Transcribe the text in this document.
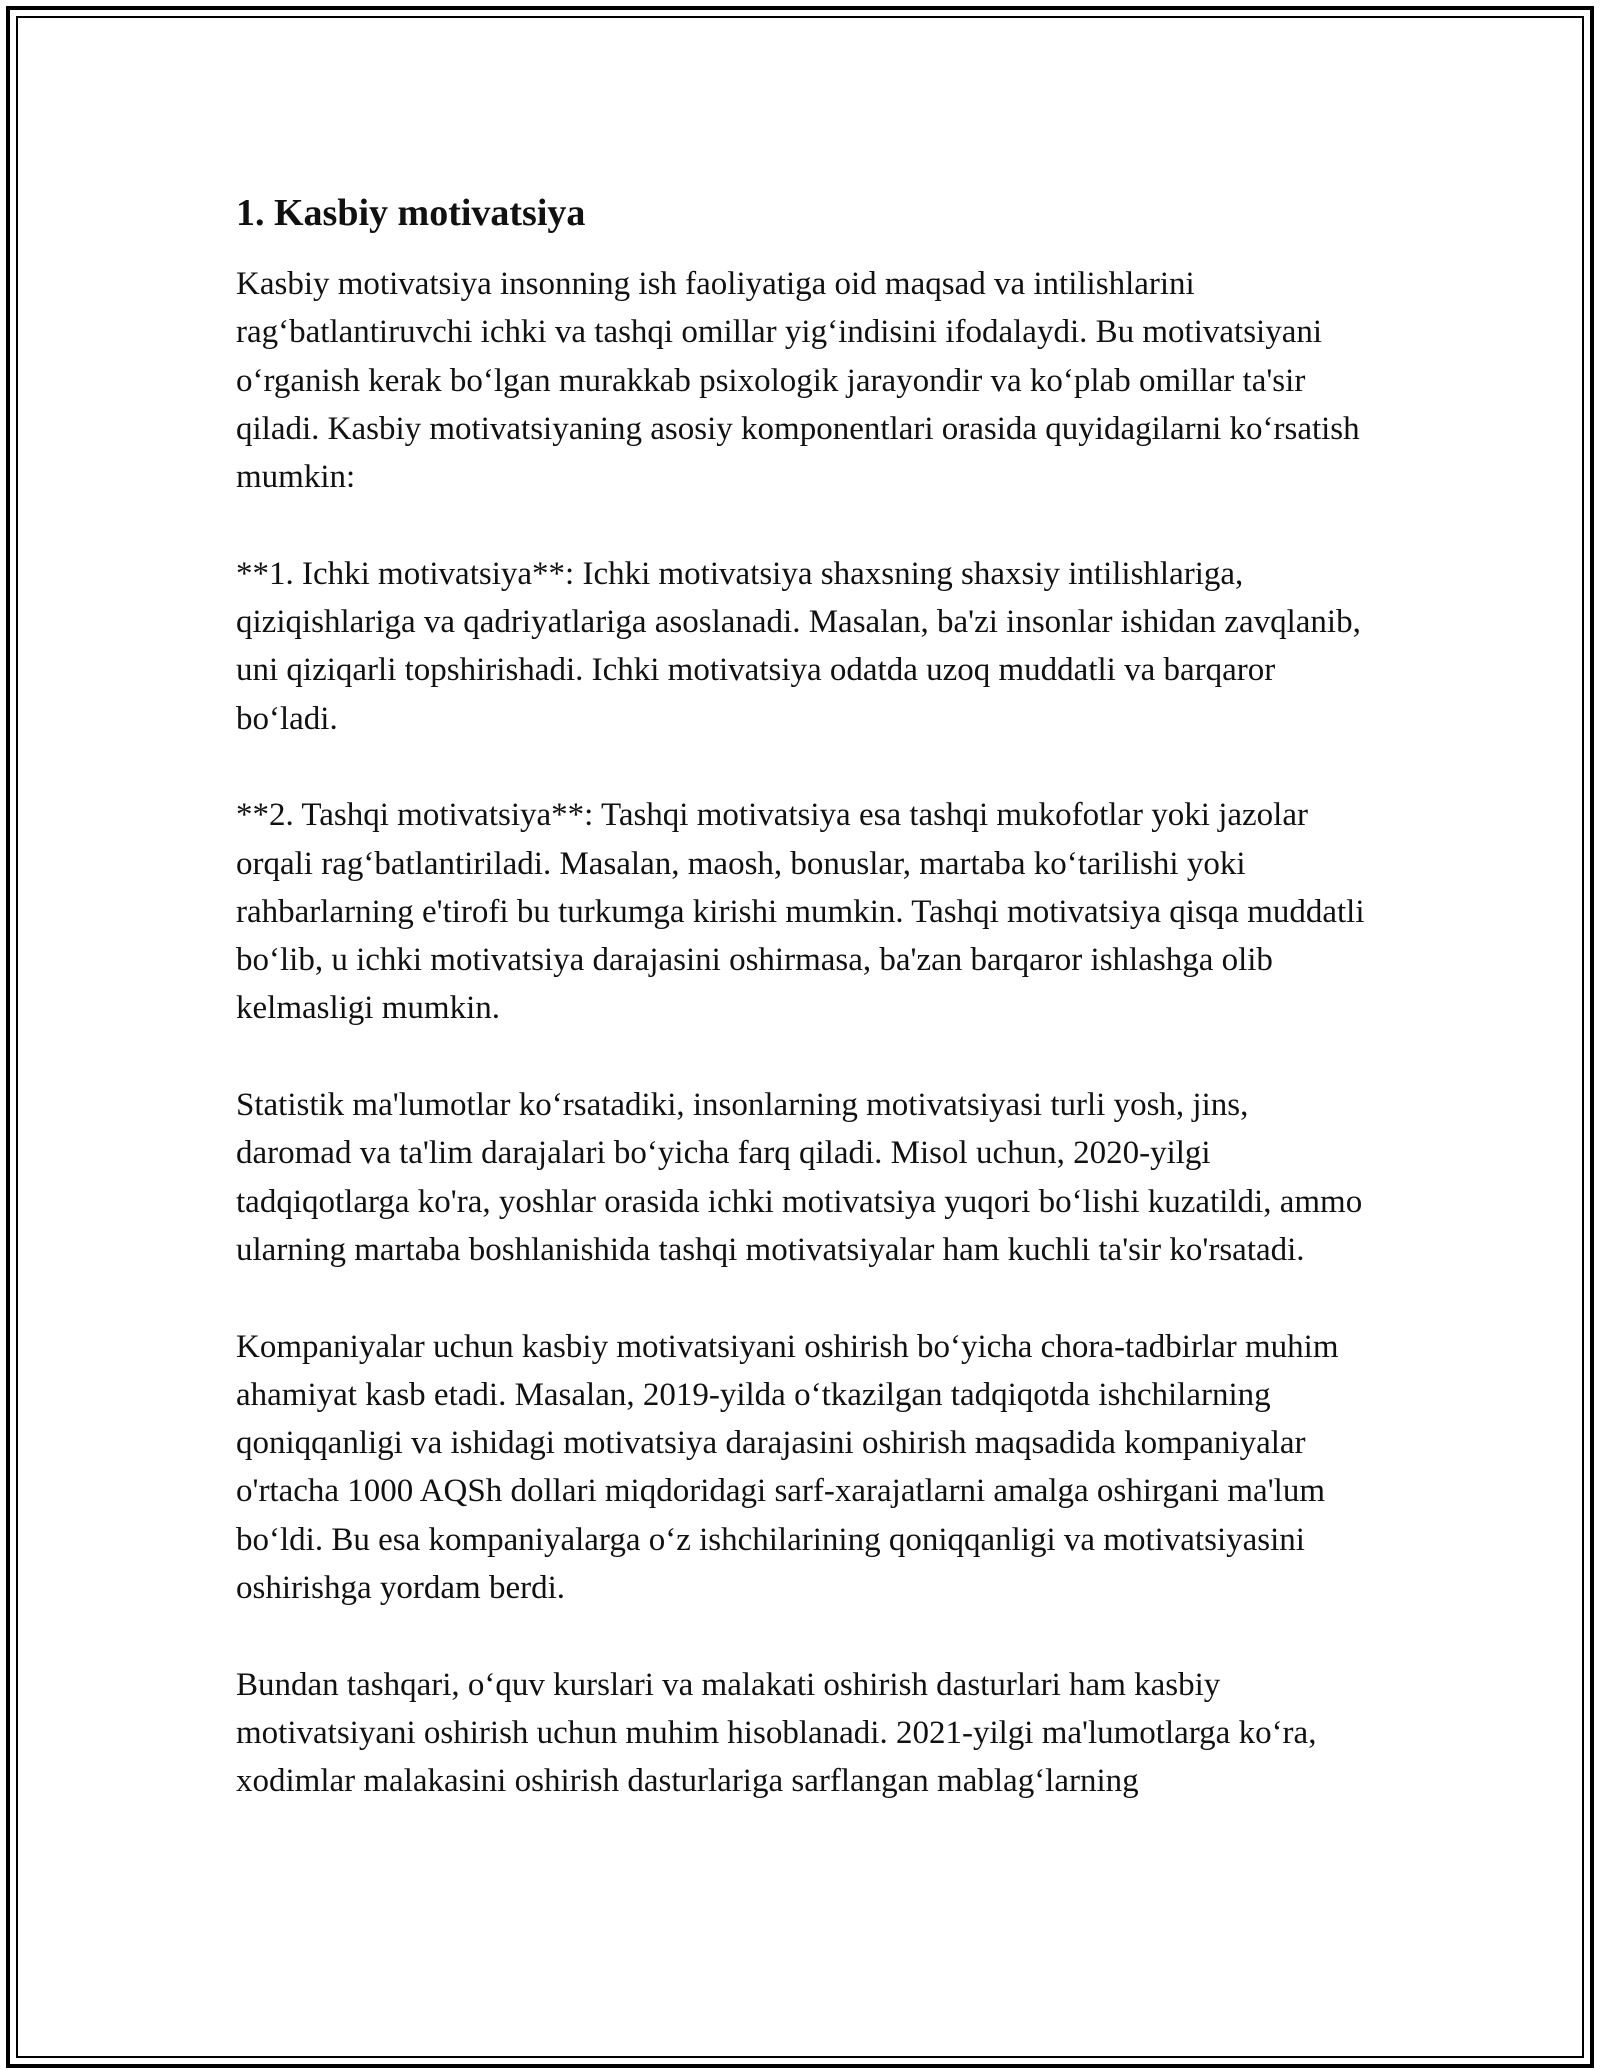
1. Kasbiy motivatsiya

Kasbiy motivatsiya insonning ish faoliyatiga oid maqsad va intilishlarini rag‘batlantiruvchi ichki va tashqi omillar yig‘indisini ifodalaydi. Bu motivatsiyani o‘rganish kerak bo‘lgan murakkab psixologik jarayondir va ko‘plab omillar ta'sir qiladi. Kasbiy motivatsiyaning asosiy komponentlari orasida quyidagilarni ko‘rsatish mumkin:

**1. Ichki motivatsiya**: Ichki motivatsiya shaxsning shaxsiy intilishlariga, qiziqishlariga va qadriyatlariga asoslanadi. Masalan, ba'zi insonlar ishidan zavqlanib, uni qiziqarli topshirishadi. Ichki motivatsiya odatda uzoq muddatli va barqaror bo‘ladi.

**2. Tashqi motivatsiya**: Tashqi motivatsiya esa tashqi mukofotlar yoki jazolar orqali rag‘batlantiriladi. Masalan, maosh, bonuslar, martaba ko‘tarilishi yoki rahbarlarning e'tirofi bu turkumga kirishi mumkin. Tashqi motivatsiya qisqa muddatli bo‘lib, u ichki motivatsiya darajasini oshirmasa, ba'zan barqaror ishlashga olib kelmasligi mumkin.

Statistik ma'lumotlar ko‘rsatadiki, insonlarning motivatsiyasi turli yosh, jins, daromad va ta'lim darajalari bo‘yicha farq qiladi. Misol uchun, 2020-yilgi tadqiqotlarga ko'ra, yoshlar orasida ichki motivatsiya yuqori bo‘lishi kuzatildi, ammo ularning martaba boshlanishida tashqi motivatsiyalar ham kuchli ta'sir ko'rsatadi.

Kompaniyalar uchun kasbiy motivatsiyani oshirish bo‘yicha chora-tadbirlar muhim ahamiyat kasb etadi. Masalan, 2019-yilda o‘tkazilgan tadqiqotda ishchilarning qoniqqanligi va ishidagi motivatsiya darajasini oshirish maqsadida kompaniyalar o'rtacha 1000 AQSh dollari miqdoridagi sarf-xarajatlarni amalga oshirgani ma'lum bo‘ldi. Bu esa kompaniyalarga o‘z ishchilarining qoniqqanligi va motivatsiyasini oshirishga yordam berdi.

Bundan tashqari, o‘quv kurslari va malakati oshirish dasturlari ham kasbiy motivatsiyani oshirish uchun muhim hisoblanadi. 2021-yilgi ma'lumotlarga ko‘ra, xodimlar malakasini oshirish dasturlariga sarflangan mablag‘larning
